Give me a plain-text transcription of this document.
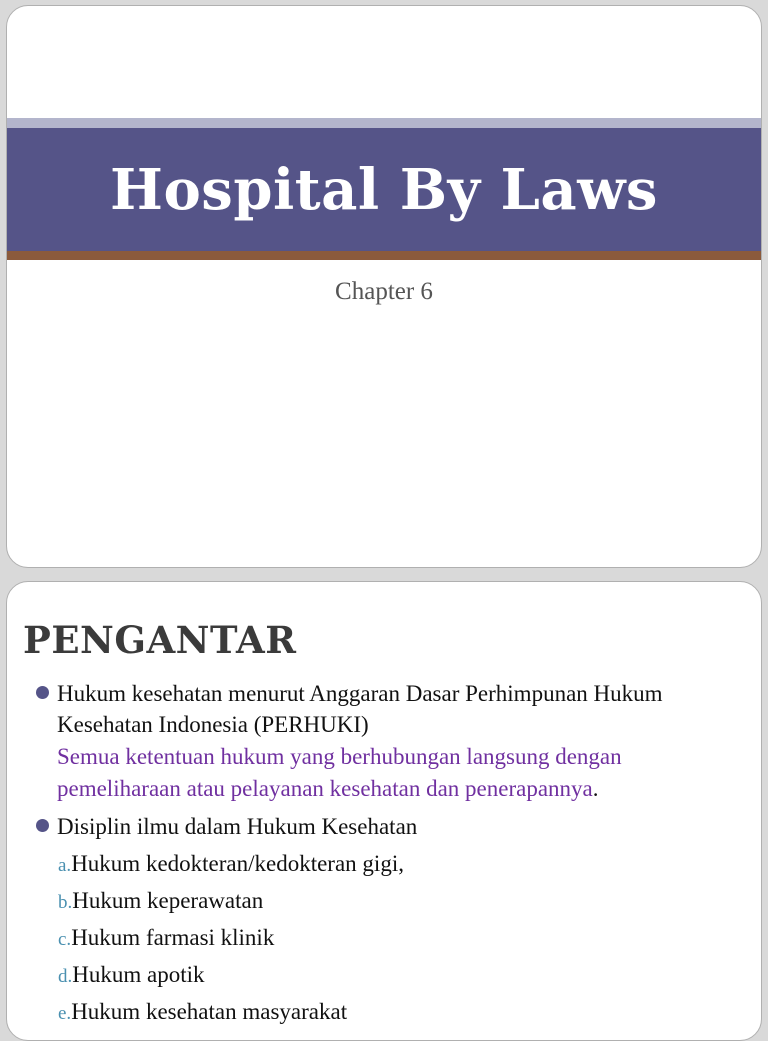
Hospital By Laws
Chapter 6
PENGANTAR
Hukum kesehatan menurut Anggaran Dasar Perhimpunan Hukum Kesehatan Indonesia (PERHUKI)
Semua ketentuan hukum yang berhubungan langsung dengan pemeliharaan atau pelayanan kesehatan dan penerapannya.
Disiplin ilmu dalam Hukum Kesehatan
a.Hukum kedokteran/kedokteran gigi,
b.Hukum keperawatan
c.Hukum farmasi klinik
d.Hukum apotik
e.Hukum kesehatan masyarakat
